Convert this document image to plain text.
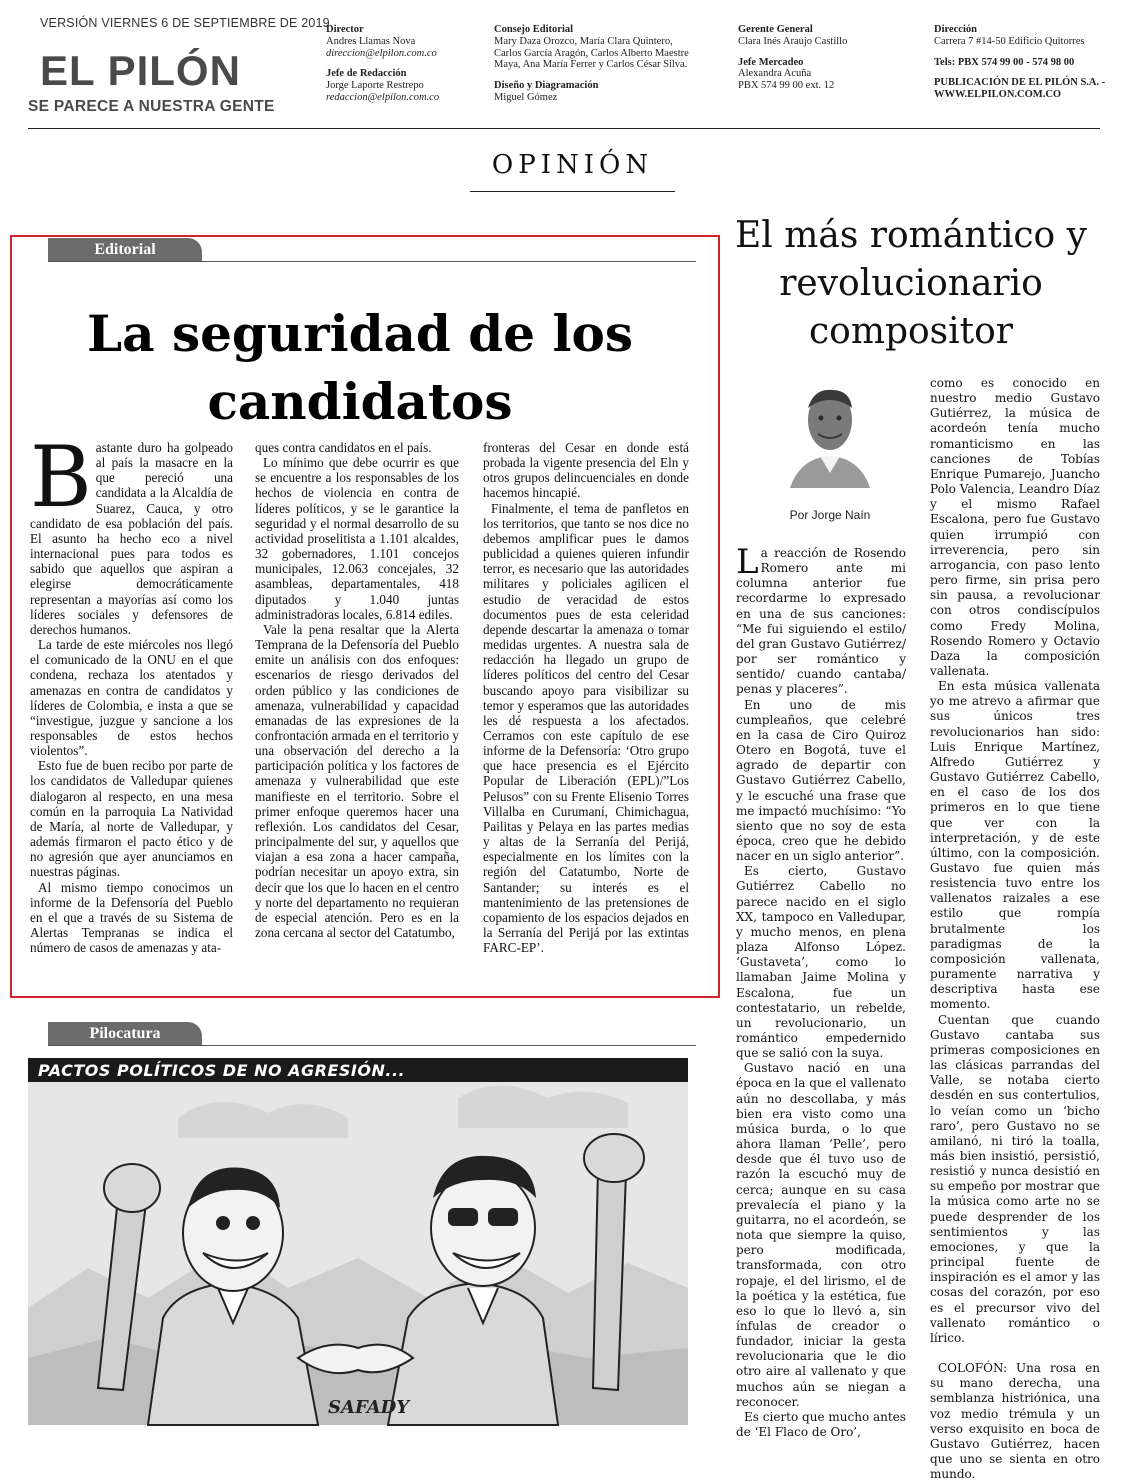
VERSIÓN VIERNES 6 DE SEPTIEMBRE DE 2019
EL PILÓN
SE PARECE A NUESTRA GENTE
Director
Andres Llamas Nova
direccion@elpilon.com.co
Jefe de Redacción
Jorge Laporte Restrepo
redaccion@elpilon.com.co
Consejo Editorial
Mary Daza Orozco, María Clara Quintero,
Carlos García Aragón, Carlos Alberto Maestre
Maya, Ana María Ferrer y Carlos César Silva.
Diseño y Diagramación
Miguel Gómez
Gerente General
Clara Inés Araujo Castillo
Jefe Mercadeo
Alexandra Acuña
PBX 574 99 00 ext. 12
Dirección
Carrera 7 #14-50 Edificio Quitorres
Tels: PBX 574 99 00 - 574 98 00
PUBLICACIÓN DE EL PILÓN S.A. -
WWW.ELPILON.COM.CO
OPINIÓN
Editorial
La seguridad de los candidatos
B astante duro ha golpeado al país la masacre en la que pereció una candidata a la Alcaldía de Suarez, Cauca, y otro candidato de esa población del país. El asunto ha hecho eco a nivel internacional pues para todos es sabido que aquellos que aspiran a elegirse democráticamente representan a mayorías así como los líderes sociales y defensores de derechos humanos.

La tarde de este miércoles nos llegó el comunicado de la ONU en el que condena, rechaza los atentados y amenazas en contra de candidatos y líderes de Colombia, e insta a que se “investigue, juzgue y sancione a los responsables de estos hechos violentos”.

Esto fue de buen recibo por parte de los candidatos de Valledupar quienes dialogaron al respecto, en una mesa común en la parroquia La Natividad de María, al norte de Valledupar, y además firmaron el pacto ético y de no agresión que ayer anunciamos en nuestras páginas.

Al mismo tiempo conocimos un informe de la Defensoría del Pueblo en el que a través de su Sistema de Alertas Tempranas se indica el número de casos de amenazas y ata-

ques contra candidatos en el país.

Lo mínimo que debe ocurrir es que se encuentre a los responsables de los hechos de violencia en contra de líderes políticos, y se le garantice la seguridad y el normal desarrollo de su actividad proselitista a 1.101 alcaldes, 32 gobernadores, 1.101 concejos municipales, 12.063 concejales, 32 asambleas, departamentales, 418 diputados y 1.040 juntas administradoras locales, 6.814 ediles.

Vale la pena resaltar que la Alerta Temprana de la Defensoría del Pueblo emite un análisis con dos enfoques: escenarios de riesgo derivados del orden público y las condiciones de amenaza, vulnerabilidad y capacidad emanadas de las expresiones de la confrontación armada en el territorio y una observación del derecho a la participación política y los factores de amenaza y vulnerabilidad que este manifieste en el territorio. Sobre el primer enfoque queremos hacer una reflexión. Los candidatos del Cesar, principalmente del sur, y aquellos que viajan a esa zona a hacer campaña, podrían necesitar un apoyo extra, sin decir que los que lo hacen en el centro y norte del departamento no requieran de especial atención. Pero es en la zona cercana al sector del Catatumbo,

fronteras del Cesar en donde está probada la vigente presencia del Eln y otros grupos delincuenciales en donde hacemos hincapié.

Finalmente, el tema de panfletos en los territorios, que tanto se nos dice no debemos amplificar pues le damos publicidad a quienes quieren infundir terror, es necesario que las autoridades militares y policiales agilicen el estudio de veracidad de estos documentos pues de esta celeridad depende descartar la amenaza o tomar medidas urgentes. A nuestra sala de redacción ha llegado un grupo de líderes políticos del centro del Cesar buscando apoyo para visibilizar su temor y esperamos que las autoridades les dé respuesta a los afectados. Cerramos con este capítulo de ese informe de la Defensoría: ‘Otro grupo que hace presencia es el Ejército Popular de Liberación (EPL)/”Los Pelusos” con su Frente Elisenio Torres Villalba en Curumaní, Chimichagua, Pailitas y Pelaya en las partes medias y altas de la Serranía del Perijá, especialmente en los límites con la región del Catatumbo, Norte de Santander; su interés es el mantenimiento de las pretensiones de copamiento de los espacios dejados en la Serranía del Perijá por las extintas FARC-EP’.

Pilocatura
PACTOS POLÍTICOS DE NO AGRESIÓN...
SAFADY
El más romántico y revolucionario compositor
Por Jorge Naín
L a reacción de Rosendo Romero ante mi columna anterior fue recordarme lo expresado en una de sus canciones: “Me fui siguiendo el estilo/ del gran Gustavo Gutiérrez/ por ser romántico y sentido/ cuando cantaba/ penas y placeres”.

En uno de mis cumpleaños, que celebré en la casa de Ciro Quiroz Otero en Bogotá, tuve el agrado de departir con Gustavo Gutiérrez Cabello, y le escuché una frase que me impactó muchísimo: “Yo siento que no soy de esta época, creo que he debido nacer en un siglo anterior”.

Es cierto, Gustavo Gutiérrez Cabello no parece nacido en el siglo XX, tampoco en Valledupar, y mucho menos, en plena plaza Alfonso López. ‘Gustaveta’, como lo llamaban Jaime Molina y Escalona, fue un contestatario, un rebelde, un revolucionario, un romántico empedernido que se salió con la suya.

Gustavo nació en una época en la que el vallenato aún no descollaba, y más bien era visto como una música burda, o lo que ahora llaman ‘Pelle’, pero desde que él tuvo uso de razón la escuchó muy de cerca; aunque en su casa prevalecía el piano y la guitarra, no el acordeón, se nota que siempre la quiso, pero modificada, transformada, con otro ropaje, el del lirismo, el de la poética y la estética, fue eso lo que lo llevó a, sin ínfulas de creador o fundador, iniciar la gesta revolucionaria que le dio otro aire al vallenato y que muchos aún se niegan a reconocer.

Es cierto que mucho antes de ‘El Flaco de Oro’,

como es conocido en nuestro medio Gustavo Gutiérrez, la música de acordeón tenía mucho romanticismo en las canciones de Tobías Enrique Pumarejo, Juancho Polo Valencia, Leandro Díaz y el mismo Rafael Escalona, pero fue Gustavo quien irrumpió con irreverencia, pero sin arrogancia, con paso lento pero firme, sin prisa pero sin pausa, a revolucionar con otros condiscípulos como Fredy Molina, Rosendo Romero y Octavio Daza la composición vallenata.

En esta música vallenata yo me atrevo a afirmar que sus únicos tres revolucionarios han sido: Luis Enrique Martínez, Alfredo Gutiérrez y Gustavo Gutiérrez Cabello, en el caso de los dos primeros en lo que tiene que ver con la interpretación, y de este último, con la composición. Gustavo fue quien más resistencia tuvo entre los vallenatos raizales a ese estilo que rompía brutalmente los paradigmas de la composición vallenata, puramente narrativa y descriptiva hasta ese momento.

Cuentan que cuando Gustavo cantaba sus primeras composiciones en las clásicas parrandas del Valle, se notaba cierto desdén en sus contertulios, lo veían como un ‘bicho raro’, pero Gustavo no se amilanó, ni tiró la toalla, más bien insistió, persistió, resistió y nunca desistió en su empeño por mostrar que la música como arte no se puede desprender de los sentimientos y las emociones, y que la principal fuente de inspiración es el amor y las cosas del corazón, por eso es el precursor vivo del vallenato romántico o lírico.

COLOFÓN: Una rosa en su mano derecha, una semblanza histriónica, una voz medio trémula y un verso exquisito en boca de Gustavo Gutiérrez, hacen que uno se sienta en otro mundo.
